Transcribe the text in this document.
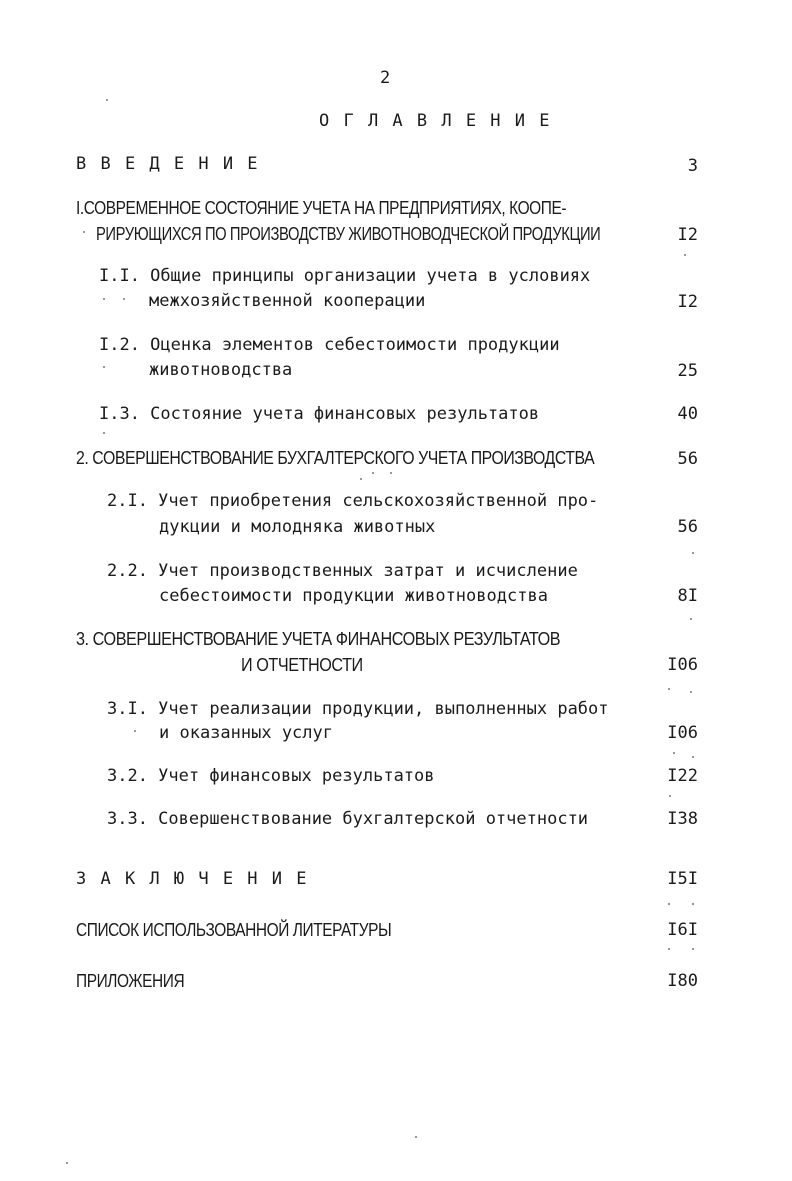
2
О Г Л А В Л Е Н И Е
В В Е Д Е Н И Е	3
I.СОВРЕМЕННОЕ СОСТОЯНИЕ УЧЕТА НА ПРЕДПРИЯТИЯХ, КООПЕ-
РИРУЮЩИХСЯ ПО ПРОИЗВОДСТВУ ЖИВОТНОВОДЧЕСКОЙ ПРОДУКЦИИ	I2
I.I. Общие принципы организации учета в условиях
межхозяйственной кооперации	I2
I.2. Оценка элементов себестоимости продукции
животноводства	25
I.3. Состояние учета финансовых результатов	40
2. СОВЕРШЕНСТВОВАНИЕ БУХГАЛТЕРСКОГО УЧЕТА ПРОИЗВОДСТВА	56
2.I. Учет приобретения сельскохозяйственной про-
дукции и молодняка животных	56
2.2. Учет производственных затрат и исчисление
себестоимости продукции животноводства	8I
3. СОВЕРШЕНСТВОВАНИЕ УЧЕТА ФИНАНСОВЫХ РЕЗУЛЬТАТОВ
И ОТЧЕТНОСТИ	I06
3.I. Учет реализации продукции, выполненных работ
и оказанных услуг	I06
3.2. Учет финансовых результатов	I22
3.3. Совершенствование бухгалтерской отчетности	I38
З А К Л Ю Ч Е Н И Е	I5I
СПИСОК ИСПОЛЬЗОВАННОЙ ЛИТЕРАТУРЫ	I6I
ПРИЛОЖЕНИЯ	I80
